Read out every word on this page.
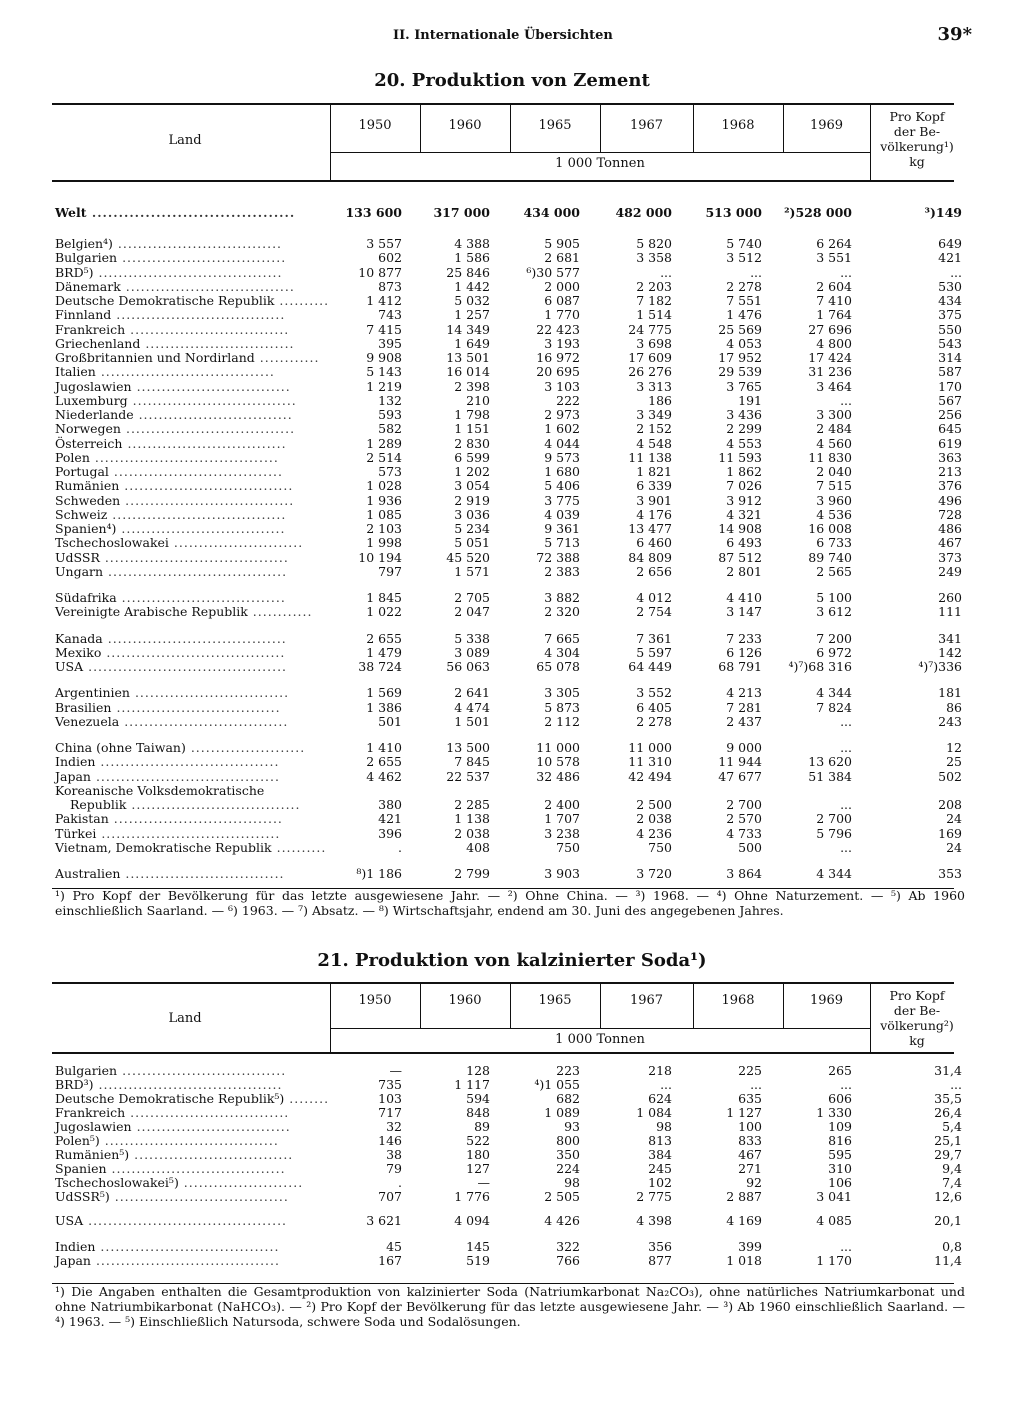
II. Internationale Übersichten	39*
20. Produktion von Zement
Land
1950	1960	1965	1967	1968	1969
1 000 Tonnen
Pro Kopf
der Be-
völkerung¹)
kg
Welt ......................................	133 600	317 000	434 000	482 000	513 000	²)528 000	³)149
Belgien⁴) .................................	3 557	4 388	5 905	5 820	5 740	6 264	649
Bulgarien .................................	602	1 586	2 681	3 358	3 512	3 551	421
BRD⁵) .....................................	10 877	25 846	⁶)30 577	...	...	...	...
Dänemark ..................................	873	1 442	2 000	2 203	2 278	2 604	530
Deutsche Demokratische Republik ..........	1 412	5 032	6 087	7 182	7 551	7 410	434
Finnland ..................................	743	1 257	1 770	1 514	1 476	1 764	375
Frankreich ................................	7 415	14 349	22 423	24 775	25 569	27 696	550
Griechenland ..............................	395	1 649	3 193	3 698	4 053	4 800	543
Großbritannien und Nordirland ............	9 908	13 501	16 972	17 609	17 952	17 424	314
Italien ...................................	5 143	16 014	20 695	26 276	29 539	31 236	587
Jugoslawien ...............................	1 219	2 398	3 103	3 313	3 765	3 464	170
Luxemburg .................................	132	210	222	186	191	...	567
Niederlande ...............................	593	1 798	2 973	3 349	3 436	3 300	256
Norwegen ..................................	582	1 151	1 602	2 152	2 299	2 484	645
Österreich ................................	1 289	2 830	4 044	4 548	4 553	4 560	619
Polen .....................................	2 514	6 599	9 573	11 138	11 593	11 830	363
Portugal ..................................	573	1 202	1 680	1 821	1 862	2 040	213
Rumänien ..................................	1 028	3 054	5 406	6 339	7 026	7 515	376
Schweden ..................................	1 936	2 919	3 775	3 901	3 912	3 960	496
Schweiz ...................................	1 085	3 036	4 039	4 176	4 321	4 536	728
Spanien⁴) .................................	2 103	5 234	9 361	13 477	14 908	16 008	486
Tschechoslowakei ..........................	1 998	5 051	5 713	6 460	6 493	6 733	467
UdSSR .....................................	10 194	45 520	72 388	84 809	87 512	89 740	373
Ungarn ....................................	797	1 571	2 383	2 656	2 801	2 565	249
Südafrika .................................	1 845	2 705	3 882	4 012	4 410	5 100	260
Vereinigte Arabische Republik ............	1 022	2 047	2 320	2 754	3 147	3 612	111
Kanada ....................................	2 655	5 338	7 665	7 361	7 233	7 200	341
Mexiko ....................................	1 479	3 089	4 304	5 597	6 126	6 972	142
USA ........................................	38 724	56 063	65 078	64 449	68 791	⁴)⁷)68 316	⁴)⁷)336
Argentinien ...............................	1 569	2 641	3 305	3 552	4 213	4 344	181
Brasilien .................................	1 386	4 474	5 873	6 405	7 281	7 824	86
Venezuela .................................	501	1 501	2 112	2 278	2 437	...	243
China (ohne Taiwan) .......................	1 410	13 500	11 000	11 000	9 000	...	12
Indien ....................................	2 655	7 845	10 578	11 310	11 944	13 620	25
Japan .....................................	4 462	22 537	32 486	42 494	47 677	51 384	502
Koreanische Volksdemokratische
Republik ..................................	380	2 285	2 400	2 500	2 700	...	208
Pakistan ..................................	421	1 138	1 707	2 038	2 570	2 700	24
Türkei ....................................	396	2 038	3 238	4 236	4 733	5 796	169
Vietnam, Demokratische Republik ..........	.	408	750	750	500	...	24
Australien ................................	⁸)1 186	2 799	3 903	3 720	3 864	4 344	353
¹) Pro Kopf der Bevölkerung für das letzte ausgewiesene Jahr. — ²) Ohne China. — ³) 1968. — ⁴) Ohne Naturzement. — ⁵) Ab 1960 einschließlich Saarland. — ⁶) 1963. — ⁷) Absatz. — ⁸) Wirtschaftsjahr, endend am 30. Juni des angegebenen Jahres.
21. Produktion von kalzinierter Soda¹)
Land
1950	1960	1965	1967	1968	1969
1 000 Tonnen
Pro Kopf
der Be-
völkerung²)
kg
Bulgarien .................................	—	128	223	218	225	265	31,4
BRD³) .....................................	735	1 117	⁴)1 055	...	...	...	...
Deutsche Demokratische Republik⁵) ........	103	594	682	624	635	606	35,5
Frankreich ................................	717	848	1 089	1 084	1 127	1 330	26,4
Jugoslawien ...............................	32	89	93	98	100	109	5,4
Polen⁵) ...................................	146	522	800	813	833	816	25,1
Rumänien⁵) ................................	38	180	350	384	467	595	29,7
Spanien ...................................	79	127	224	245	271	310	9,4
Tschechoslowakei⁵) ........................	.	—	98	102	92	106	7,4
UdSSR⁵) ...................................	707	1 776	2 505	2 775	2 887	3 041	12,6
USA ........................................	3 621	4 094	4 426	4 398	4 169	4 085	20,1
Indien ....................................	45	145	322	356	399	...	0,8
Japan .....................................	167	519	766	877	1 018	1 170	11,4
¹) Die Angaben enthalten die Gesamtproduktion von kalzinierter Soda (Natriumkarbonat Na₂CO₃), ohne natürliches Natriumkarbonat und ohne Natriumbikarbonat (NaHCO₃). — ²) Pro Kopf der Bevölkerung für das letzte ausgewiesene Jahr. — ³) Ab 1960 einschließlich Saarland. — ⁴) 1963. — ⁵) Einschließlich Natursoda, schwere Soda und Sodalösungen.
